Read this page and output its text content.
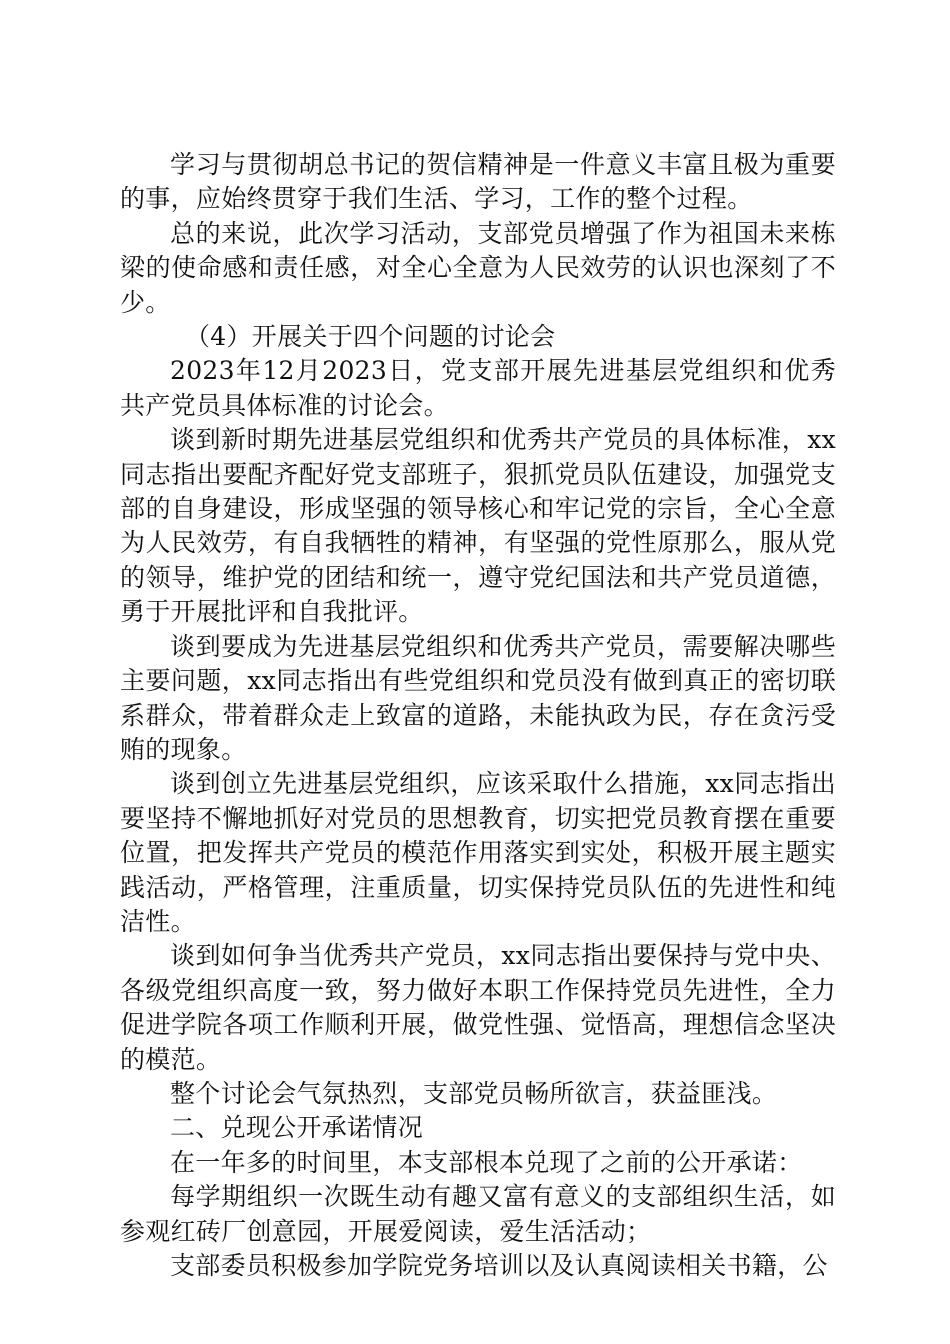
学习与贯彻胡总书记的贺信精神是一件意义丰富且极为重要的事，应始终贯穿于我们生活、学习，工作的整个过程。

总的来说，此次学习活动，支部党员增强了作为祖国未来栋梁的使命感和责任感，对全心全意为人民效劳的认识也深刻了不少。

（4）开展关于四个问题的讨论会

2023年12月2023日，党支部开展先进基层党组织和优秀共产党员具体标准的讨论会。

谈到新时期先进基层党组织和优秀共产党员的具体标准，xx同志指出要配齐配好党支部班子，狠抓党员队伍建设，加强党支部的自身建设，形成坚强的领导核心和牢记党的宗旨，全心全意为人民效劳，有自我牺牲的精神，有坚强的党性原那么，服从党的领导，维护党的团结和统一，遵守党纪国法和共产党员道德，勇于开展批评和自我批评。

谈到要成为先进基层党组织和优秀共产党员，需要解决哪些主要问题，xx同志指出有些党组织和党员没有做到真正的密切联系群众，带着群众走上致富的道路，未能执政为民，存在贪污受贿的现象。

谈到创立先进基层党组织，应该采取什么措施，xx同志指出要坚持不懈地抓好对党员的思想教育，切实把党员教育摆在重要位置，把发挥共产党员的模范作用落实到实处，积极开展主题实践活动，严格管理，注重质量，切实保持党员队伍的先进性和纯洁性。

谈到如何争当优秀共产党员，xx同志指出要保持与党中央、各级党组织高度一致，努力做好本职工作保持党员先进性，全力促进学院各项工作顺利开展，做党性强、觉悟高，理想信念坚决的模范。

整个讨论会气氛热烈，支部党员畅所欲言，获益匪浅。

二、兑现公开承诺情况

在一年多的时间里，本支部根本兑现了之前的公开承诺：

每学期组织一次既生动有趣又富有意义的支部组织生活，如参观红砖厂创意园，开展爱阅读，爱生活活动；

支部委员积极参加学院党务培训以及认真阅读相关书籍，公
